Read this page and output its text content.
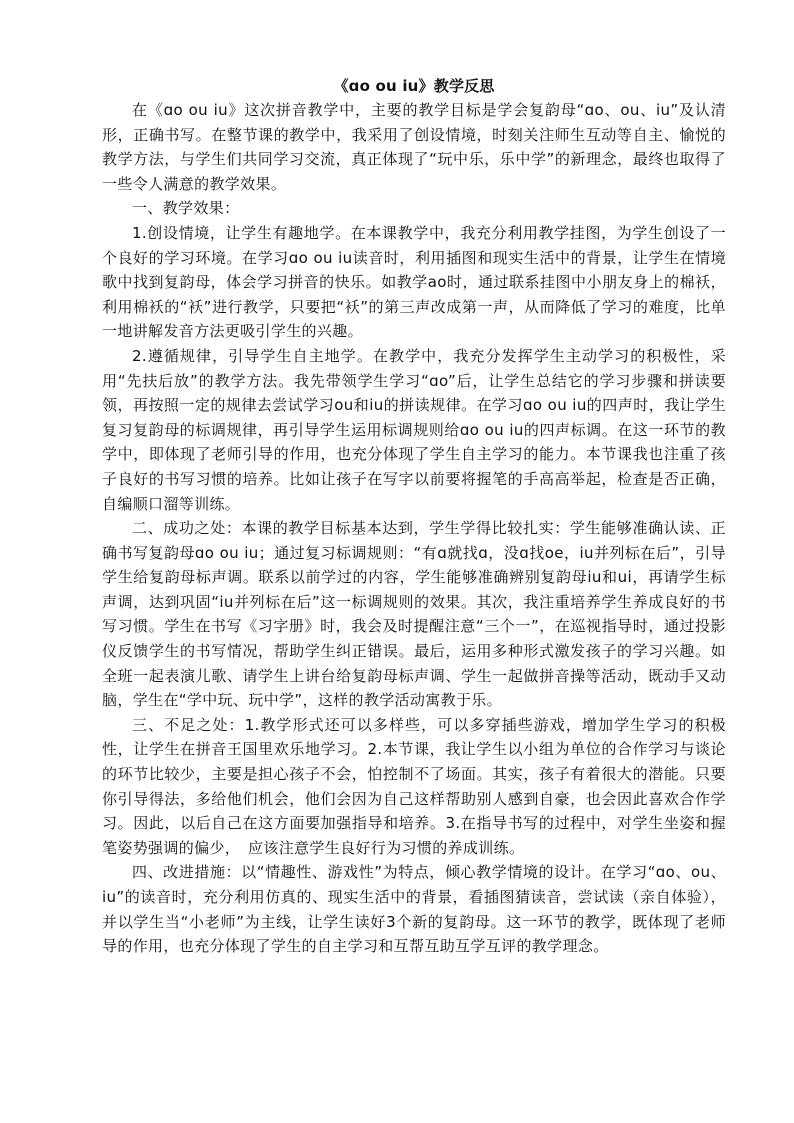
《ɑo ou iu》教学反思

在《ɑo ou iu》这次拼音教学中，主要的教学目标是学会复韵母“ɑo、ou、iu”及认清形，正确书写。在整节课的教学中，我采用了创设情境，时刻关注师生互动等自主、愉悦的教学方法，与学生们共同学习交流，真正体现了“玩中乐，乐中学”的新理念，最终也取得了一些令人满意的教学效果。

一、教学效果：

1.创设情境，让学生有趣地学。在本课教学中，我充分利用教学挂图，为学生创设了一个良好的学习环境。在学习ɑo ou iu读音时，利用插图和现实生活中的背景，让学生在情境歌中找到复韵母，体会学习拼音的快乐。如教学ao时，通过联系挂图中小朋友身上的棉袄，利用棉袄的“袄”进行教学，只要把“袄”的第三声改成第一声，从而降低了学习的难度，比单一地讲解发音方法更吸引学生的兴趣。

2.遵循规律，引导学生自主地学。在教学中，我充分发挥学生主动学习的积极性，采用“先扶后放”的教学方法。我先带领学生学习“ɑo”后，让学生总结它的学习步骤和拼读要领，再按照一定的规律去尝试学习ou和iu的拼读规律。在学习ɑo ou iu的四声时，我让学生复习复韵母的标调规律，再引导学生运用标调规则给ɑo ou iu的四声标调。在这一环节的教学中，即体现了老师引导的作用，也充分体现了学生自主学习的能力。本节课我也注重了孩子良好的书写习惯的培养。比如让孩子在写字以前要将握笔的手高高举起，检查是否正确，自编顺口溜等训练。

二、成功之处：本课的教学目标基本达到，学生学得比较扎实：学生能够准确认读、正确书写复韵母ɑo ou iu；通过复习标调规则：“有ɑ就找ɑ，没ɑ找oe，iu并列标在后”，引导学生给复韵母标声调。联系以前学过的内容，学生能够准确辨别复韵母iu和ui，再请学生标声调，达到巩固“iu并列标在后”这一标调规则的效果。其次，我注重培养学生养成良好的书写习惯。学生在书写《习字册》时，我会及时提醒注意“三个一”，在巡视指导时，通过投影仪反馈学生的书写情况，帮助学生纠正错误。最后，运用多种形式激发孩子的学习兴趣。如全班一起表演儿歌、请学生上讲台给复韵母标声调、学生一起做拼音操等活动，既动手又动脑，学生在“学中玩、玩中学”，这样的教学活动寓教于乐。

三、不足之处：1.教学形式还可以多样些，可以多穿插些游戏，增加学生学习的积极性，让学生在拼音王国里欢乐地学习。2.本节课，我让学生以小组为单位的合作学习与谈论的环节比较少，主要是担心孩子不会，怕控制不了场面。其实，孩子有着很大的潜能。只要你引导得法，多给他们机会，他们会因为自己这样帮助别人感到自豪，也会因此喜欢合作学习。因此，以后自己在这方面要加强指导和培养。3.在指导书写的过程中，对学生坐姿和握笔姿势强调的偏少，　应该注意学生良好行为习惯的养成训练。

四、改进措施：以“情趣性、游戏性”为特点，倾心教学情境的设计。在学习“ɑo、ou、iu”的读音时，充分利用仿真的、现实生活中的背景，看插图猜读音，尝试读（亲自体验），并以学生当“小老师”为主线，让学生读好3个新的复韵母。这一环节的教学，既体现了老师导的作用，也充分体现了学生的自主学习和互帮互助互学互评的教学理念。
